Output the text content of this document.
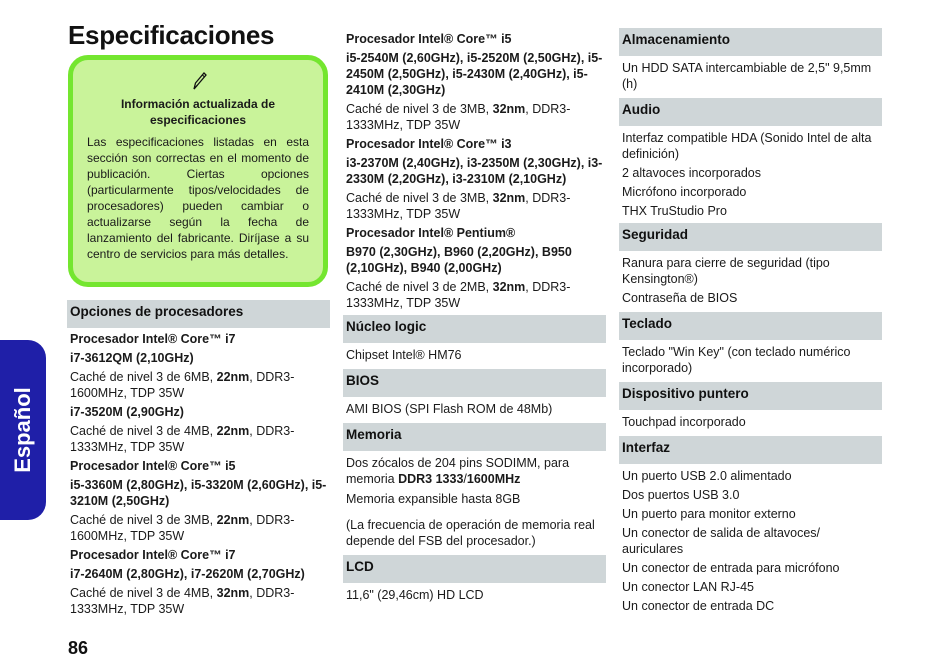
Especificaciones
Información actualizada de especificaciones

Las especificaciones listadas en esta sección son correctas en el momento de publicación. Ciertas opciones (particularmente tipos/velocidades de procesadores) pueden cambiar o actualizarse según la fecha de lanzamiento del fabricante. Diríjase a su centro de servicios para más detalles.

Opciones de procesadores
Procesador Intel® Core™ i7
i7-3612QM (2,10GHz)
Caché de nivel 3 de 6MB, 22nm, DDR3-1600MHz, TDP 35W
i7-3520M (2,90GHz)
Caché de nivel 3 de 4MB, 22nm, DDR3-1333MHz, TDP 35W
Procesador Intel® Core™ i5
i5-3360M (2,80GHz), i5-3320M (2,60GHz), i5-3210M (2,50GHz)
Caché de nivel 3 de 3MB, 22nm, DDR3-1600MHz, TDP 35W
Procesador Intel® Core™ i7
i7-2640M (2,80GHz), i7-2620M (2,70GHz)
Caché de nivel 3 de 4MB, 32nm, DDR3-1333MHz, TDP 35W
Procesador Intel® Core™ i5
i5-2540M (2,60GHz), i5-2520M (2,50GHz), i5-2450M (2,50GHz), i5-2430M (2,40GHz), i5-2410M (2,30GHz)
Caché de nivel 3 de 3MB, 32nm, DDR3-1333MHz, TDP 35W
Procesador Intel® Core™ i3
i3-2370M (2,40GHz), i3-2350M (2,30GHz), i3-2330M (2,20GHz), i3-2310M (2,10GHz)
Caché de nivel 3 de 3MB, 32nm, DDR3-1333MHz, TDP 35W
Procesador Intel® Pentium®
B970 (2,30GHz), B960 (2,20GHz), B950 (2,10GHz), B940 (2,00GHz)
Caché de nivel 3 de 2MB, 32nm, DDR3-1333MHz, TDP 35W
Núcleo logic
Chipset Intel® HM76
BIOS
AMI BIOS (SPI Flash ROM de 48Mb)
Memoria
Dos zócalos de 204 pins SODIMM, para memoria DDR3 1333/1600MHz
Memoria expansible hasta 8GB
(La frecuencia de operación de memoria real depende del FSB del procesador.)
LCD
11,6" (29,46cm) HD LCD
Almacenamiento
Un HDD SATA intercambiable de 2,5" 9,5mm (h)
Audio
Interfaz compatible HDA (Sonido Intel de alta definición)
2 altavoces incorporados
Micrófono incorporado
THX TruStudio Pro
Seguridad
Ranura para cierre de seguridad (tipo Kensington®)
Contraseña de BIOS
Teclado
Teclado "Win Key" (con teclado numérico incorporado)
Dispositivo puntero
Touchpad incorporado
Interfaz
Un puerto USB 2.0 alimentado
Dos puertos USB 3.0
Un puerto para monitor externo
Un conector de salida de altavoces/ auriculares
Un conector de entrada para micrófono
Un conector LAN RJ-45
Un conector de entrada DC
Español
86
